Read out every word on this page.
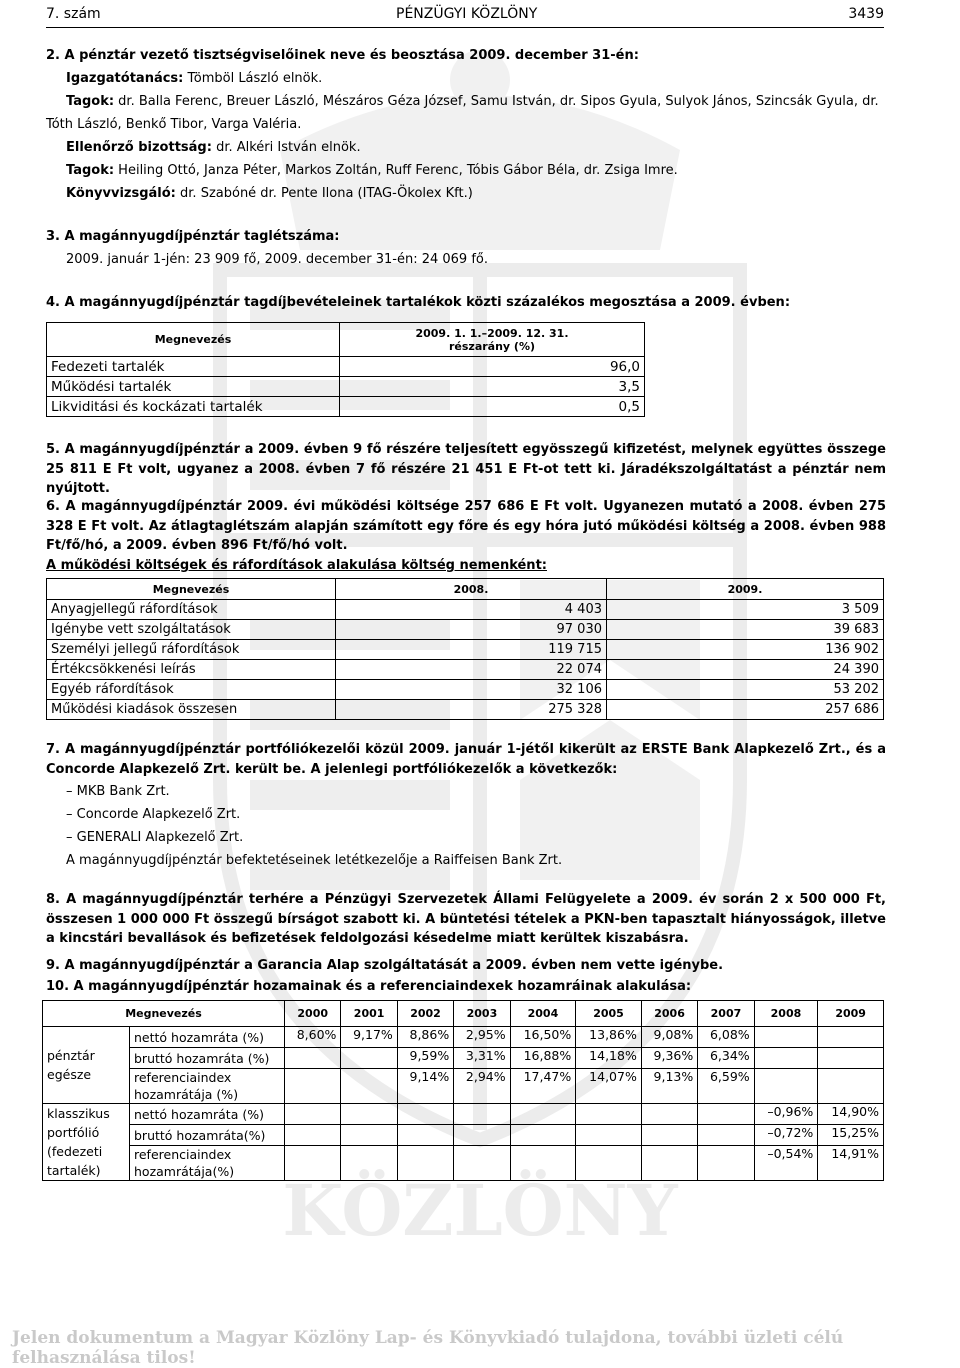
KÖZLÖNY
7. szám	PÉNZÜGYI KÖZLÖNY	3439
2. A pénztár vezető tisztségviselőinek neve és beosztása 2009. december 31-én:
Igazgatótanács: Tömböl László elnök.
Tagok: dr. Balla Ferenc, Breuer László, Mészáros Géza József, Samu István, dr. Sipos Gyula, Sulyok János, Szincsák Gyula, dr. Tóth László, Benkő Tibor, Varga Valéria.
Ellenőrző bizottság: dr. Alkéri István elnök.
Tagok: Heiling Ottó, Janza Péter, Markos Zoltán, Ruff Ferenc, Tóbis Gábor Béla, dr. Zsiga Imre.
Könyvvizsgáló: dr. Szabóné dr. Pente Ilona (ITAG-Ökolex Kft.)
3. A magánnyugdíjpénztár taglétszáma:
2009. január 1-jén: 23 909 fő, 2009. december 31-én: 24 069 fő.
4. A magánnyugdíjpénztár tagdíjbevételeinek tartalékok közti százalékos megosztása a 2009. évben:
Megnevezés	2009. 1. 1.–2009. 12. 31.
részarány (%)

Fedezeti tartalék	96,0
Működési tartalék	3,5
Likviditási és kockázati tartalék	0,5
5. A magánnyugdíjpénztár a 2009. évben 9 fő részére teljesített egyösszegű kifizetést, melynek együttes összege 25 811 E Ft volt, ugyanez a 2008. évben 7 fő részére 21 451 E Ft-ot tett ki. Járadékszolgáltatást a pénztár nem nyújtott.
6. A magánnyugdíjpénztár 2009. évi működési költsége 257 686 E Ft volt. Ugyanezen mutató a 2008. évben 275 328 E Ft volt. Az átlagtaglétszám alapján számított egy főre és egy hóra jutó működési költség a 2008. évben 988 Ft/fő/hó, a 2009. évben 896 Ft/fő/hó volt.
A működési költségek és ráfordítások alakulása költség nemenként:
Megnevezés	2008.	2009.
Anyagjellegű ráfordítások	4 403	3 509
Igénybe vett szolgáltatások	97 030	39 683
Személyi jellegű ráfordítások	119 715	136 902
Értékcsökkenési leírás	22 074	24 390
Egyéb ráfordítások	32 106	53 202
Működési kiadások összesen	275 328	257 686
7. A magánnyugdíjpénztár portfóliókezelői közül 2009. január 1-jétől kikerült az ERSTE Bank Alapkezelő Zrt., és a Concorde Alapkezelő Zrt. került be. A jelenlegi portfóliókezelők a következők:
– MKB Bank Zrt.
– Concorde Alapkezelő Zrt.
– GENERALI Alapkezelő Zrt.
A magánnyugdíjpénztár befektetéseinek letétkezelője a Raiffeisen Bank Zrt.
8. A magánnyugdíjpénztár terhére a Pénzügyi Szervezetek Állami Felügyelete a 2009. év során 2 x 500 000 Ft, összesen 1 000 000 Ft összegű bírságot szabott ki. A büntetési tételek a PKN-ben tapasztalt hiányosságok, illetve a kincstári bevallások és befizetések feldolgozási késedelme miatt kerültek kiszabásra.
9. A magánnyugdíjpénztár a Garancia Alap szolgáltatását a 2009. évben nem vette igénybe.
10. A magánnyugdíjpénztár hozamainak és a referenciaindexek hozamráinak alakulása:
Megnevezés		2000	2001	2002	2003	2004	2005	2006	2007	2008	2009
pénztár egésze	nettó hozamráta (%)	8,60%	9,17%	8,86%	2,95%	16,50%	13,86%	9,08%	6,08%		
	bruttó hozamráta (%)			9,59%	3,31%	16,88%	14,18%	9,36%	6,34%		
	referenciaindex hozamrátája (%)			9,14%	2,94%	17,47%	14,07%	9,13%	6,59%		
klasszikus portfólió (fedezeti tartalék)	nettó hozamráta (%)									–0,96%	14,90%
	bruttó hozamráta(%)									–0,72%	15,25%
	referenciaindex hozamrátája(%)									–0,54%	14,91%
Jelen dokumentum a Magyar Közlöny Lap- és Könyvkiadó tulajdona, további üzleti célú felhasználása tilos!
